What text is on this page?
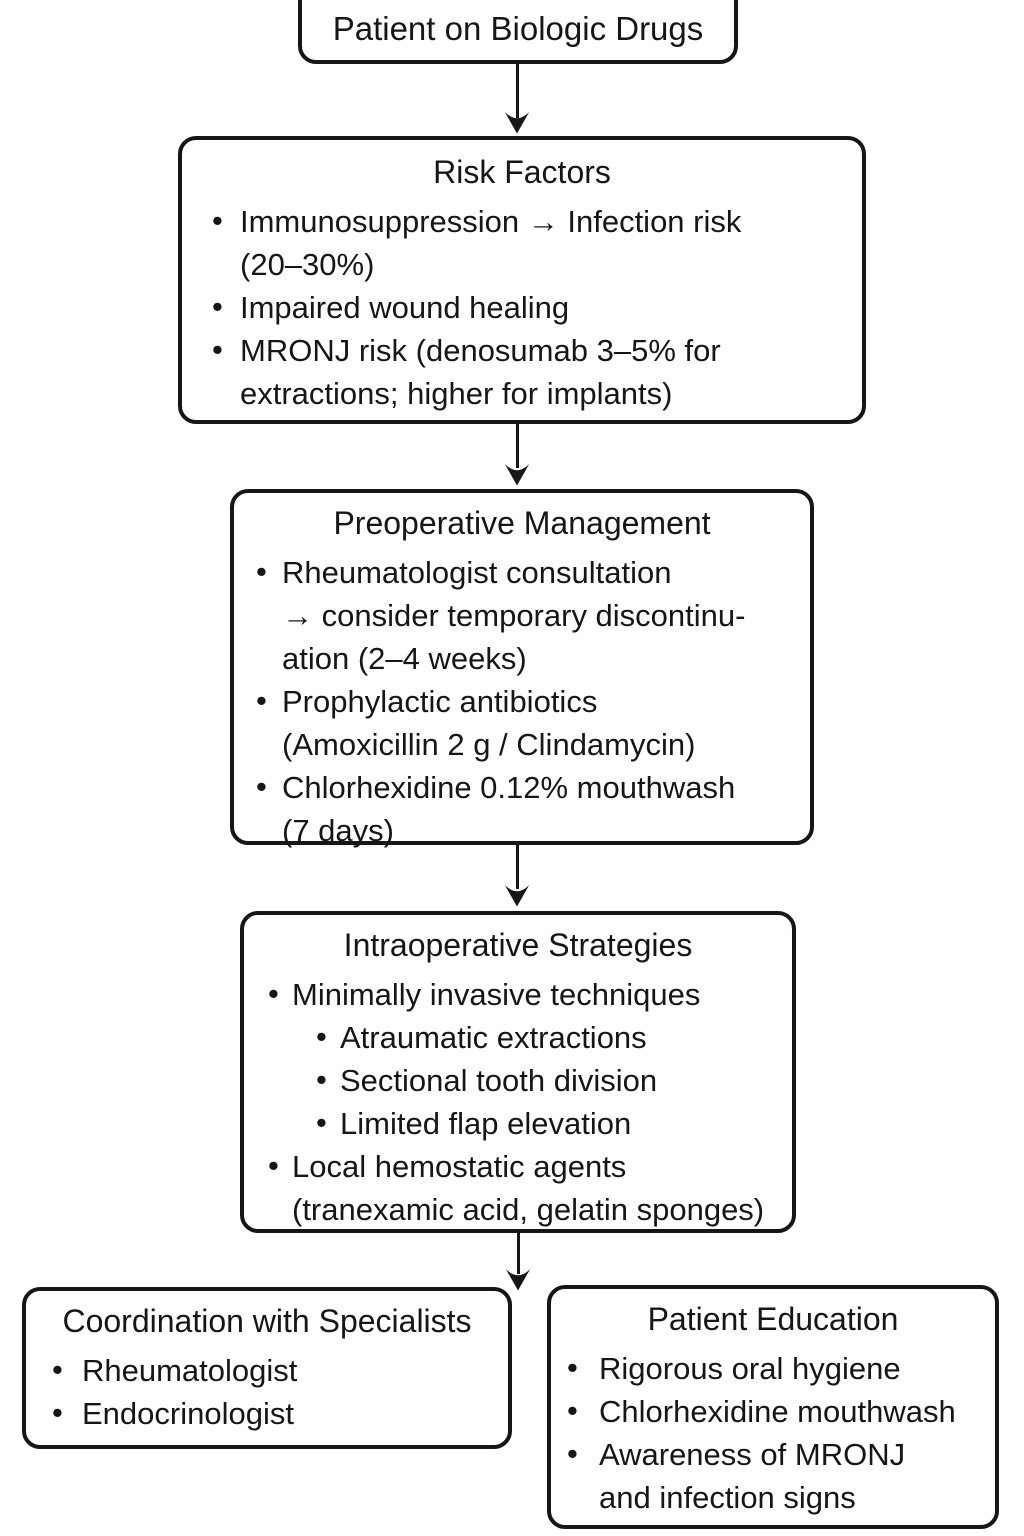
Patient on Biologic Drugs
Risk Factors
• Immunosuppression → Infection risk
(20–30%)
• Impaired wound healing
• MRONJ risk (denosumab 3–5% for
extractions; higher for implants)
Preoperative Management
• Rheumatologist consultation
→ consider temporary discontinu-
ation (2–4 weeks)
• Prophylactic antibiotics
(Amoxicillin 2 g / Clindamycin)
• Chlorhexidine 0.12% mouthwash
(7 days)
Intraoperative Strategies
• Minimally invasive techniques
• Atraumatic extractions
• Sectional tooth division
• Limited flap elevation
• Local hemostatic agents
(tranexamic acid, gelatin sponges)
Coordination with Specialists
• Rheumatologist
• Endocrinologist
Patient Education
• Rigorous oral hygiene
• Chlorhexidine mouthwash
• Awareness of MRONJ
and infection signs
